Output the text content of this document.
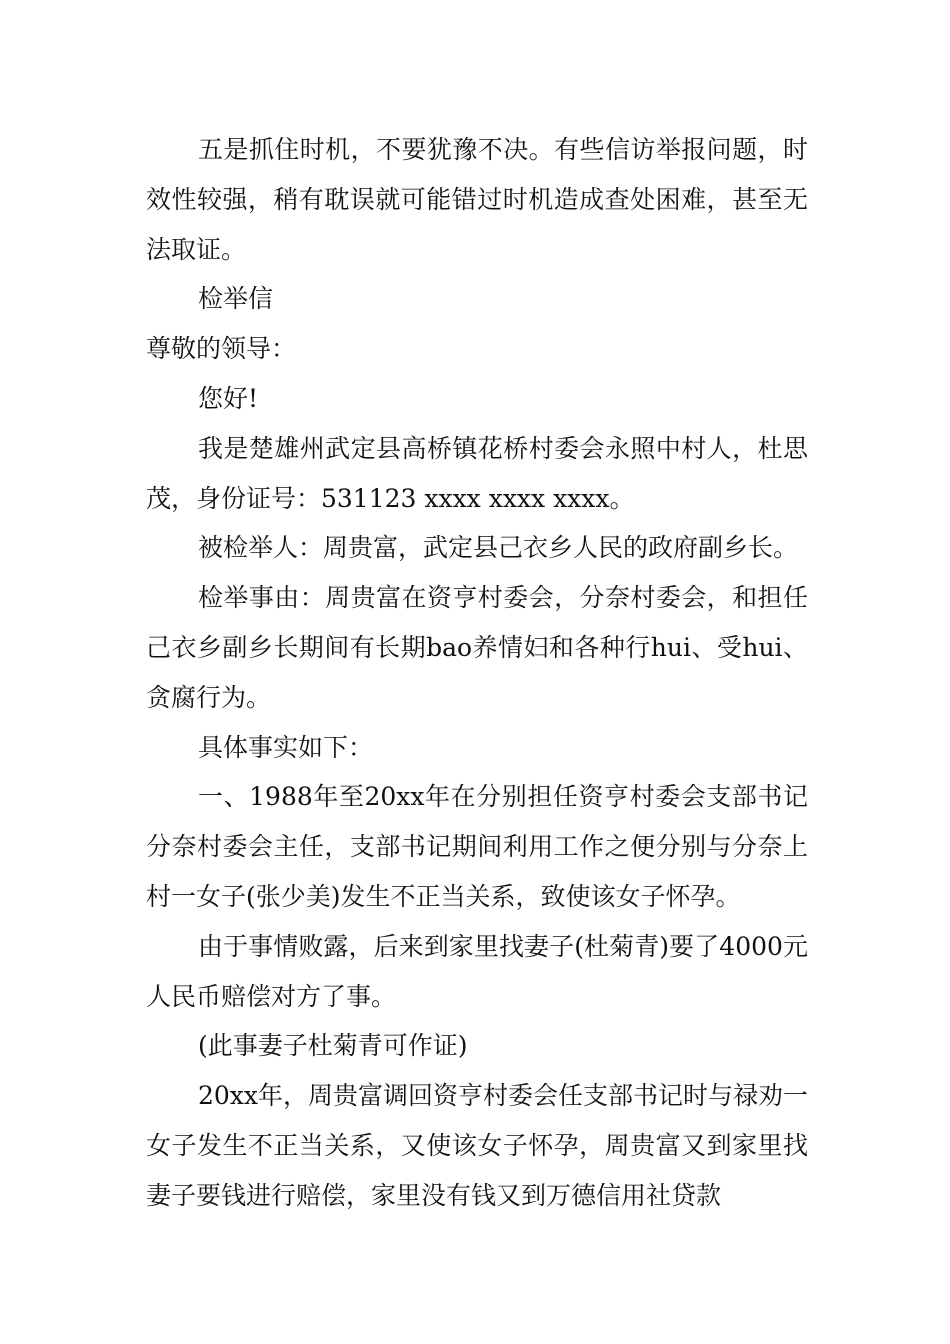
五是抓住时机，不要犹豫不决。有些信访举报问题，时效性较强，稍有耽误就可能错过时机造成查处困难，甚至无法取证。

检举信

尊敬的领导：

您好!

我是楚雄州武定县高桥镇花桥村委会永照中村人，杜思茂，身份证号：531123 xxxx xxxx xxxx。

被检举人：周贵富，武定县己衣乡人民的政府副乡长。

检举事由：周贵富在资亨村委会，分奈村委会，和担任己衣乡副乡长期间有长期bao养情妇和各种行hui、受hui、贪腐行为。

具体事实如下：

一、1988年至20xx年在分别担任资亨村委会支部书记分奈村委会主任，支部书记期间利用工作之便分别与分奈上村一女子(张少美)发生不正当关系，致使该女子怀孕。

由于事情败露，后来到家里找妻子(杜菊青)要了4000元人民币赔偿对方了事。

(此事妻子杜菊青可作证)

20xx年，周贵富调回资亨村委会任支部书记时与禄劝一女子发生不正当关系，又使该女子怀孕，周贵富又到家里找妻子要钱进行赔偿，家里没有钱又到万德信用社贷款
